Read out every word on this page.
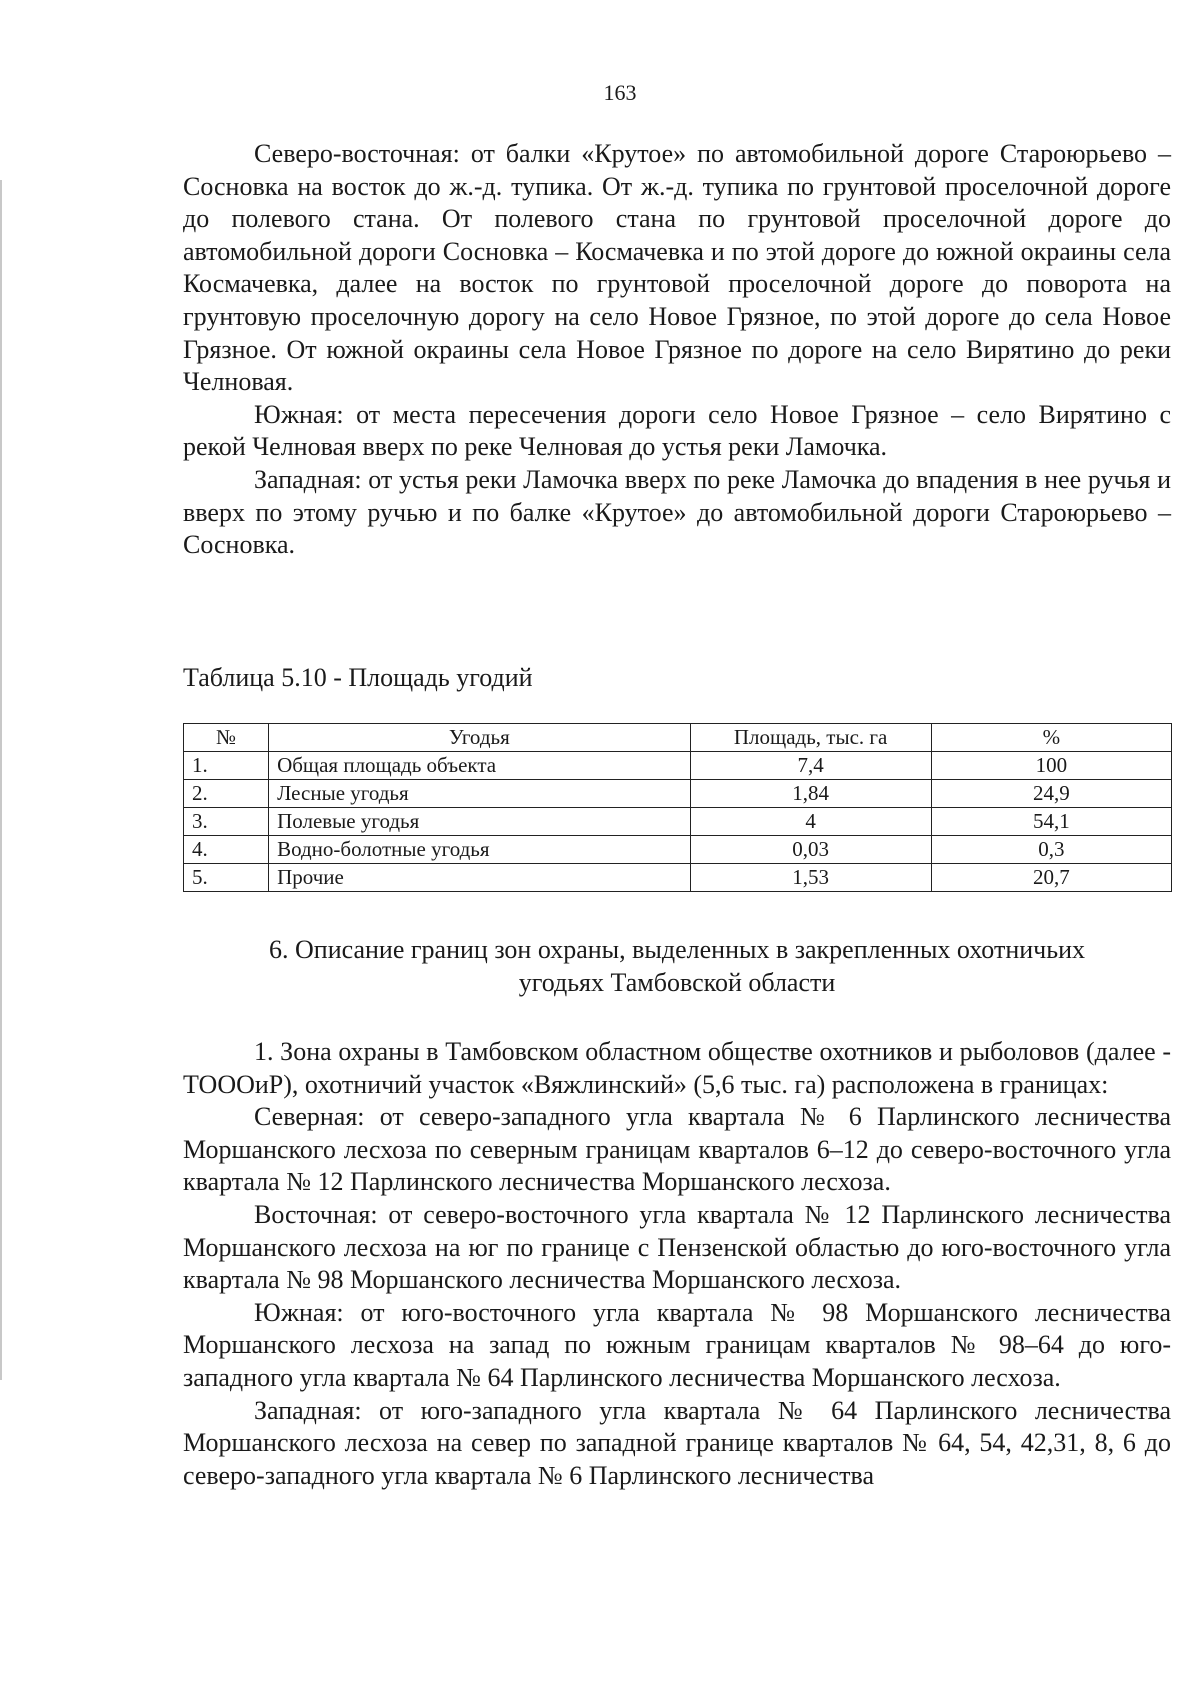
163

Северо-восточная: от балки «Крутое» по автомобильной дороге Староюрьево – Сосновка на восток до ж.-д. тупика. От ж.-д. тупика по грунтовой проселочной дороге до полевого стана. От полевого стана по грунтовой проселочной дороге до автомобильной дороги Сосновка – Космачевка и по этой дороге до южной окраины села Космачевка, далее на восток по грунтовой проселочной дороге до поворота на грунтовую проселочную дорогу на село Новое Грязное, по этой дороге до села Новое Грязное. От южной окраины села Новое Грязное по дороге на село Вирятино до реки Челновая.

Южная: от места пересечения дороги село Новое Грязное – село Вирятино с рекой Челновая вверх по реке Челновая до устья реки Ламочка.

Западная: от устья реки Ламочка вверх по реке Ламочка до впадения в нее ручья и вверх по этому ручью и по балке «Крутое» до автомобильной дороги Староюрьево – Сосновка.

Таблица 5.10 - Площадь угодий
№	Угодья	Площадь, тыс. га	%
1.	Общая площадь объекта	7,4	100
2.	Лесные угодья	1,84	24,9
3.	Полевые угодья	4	54,1
4.	Водно-болотные угодья	0,03	0,3
5.	Прочие	1,53	20,7
6. Описание границ зон охраны, выделенных в закрепленных охотничьих
угодьях Тамбовской области

1. Зона охраны в Тамбовском областном обществе охотников и рыболовов (далее - ТОООиР), охотничий участок «Вяжлинский» (5,6 тыс. га) расположена в границах:

Северная: от северо-западного угла квартала № 6 Парлинского лесничества Моршанского лесхоза по северным границам кварталов 6–12 до северо-восточного угла квартала № 12 Парлинского лесничества Моршанского лесхоза.

Восточная: от северо-восточного угла квартала № 12 Парлинского лесничества Моршанского лесхоза на юг по границе с Пензенской областью до юго-восточного угла квартала № 98 Моршанского лесничества Моршанского лесхоза.

Южная: от юго-восточного угла квартала № 98 Моршанского лесничества Моршанского лесхоза на запад по южным границам кварталов № 98–64 до юго-западного угла квартала № 64 Парлинского лесничества Моршанского лесхоза.

Западная: от юго-западного угла квартала № 64 Парлинского лесничества Моршанского лесхоза на север по западной границе кварталов № 64, 54, 42,31, 8, 6 до северо-западного угла квартала № 6 Парлинского лесничества
